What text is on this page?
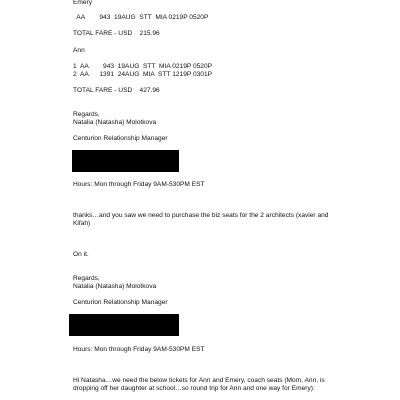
Emery

AA        943  19AUG  STT  MIA 0219P 0520P

TOTAL FARE - USD    215.96

Ann

1  AA        943  19AUG  STT  MIA 0219P 0520P

2  AA      1391  24AUG  MIA  STT 1219P 0301P

TOTAL FARE - USD    427.96

Regards,

Natalia (Natasha) Molotkova

Centurion Relationship Manager

Hours: Mon through Friday 9AM-530PM EST

thanks…and you saw we need to purchase the biz seats for the 2 architects (xavier and

Kifah)

On it.

Regards,

Natalia (Natasha) Molotkova

Centurion Relationship Manager

Hours: Mon through Friday 9AM-530PM EST

Hi Natasha…we need the below tickets for Ann and Emery, coach seats (Mom, Ann, is

dropping off her daughter at school…so round trip for Ann and one way for Emery):
